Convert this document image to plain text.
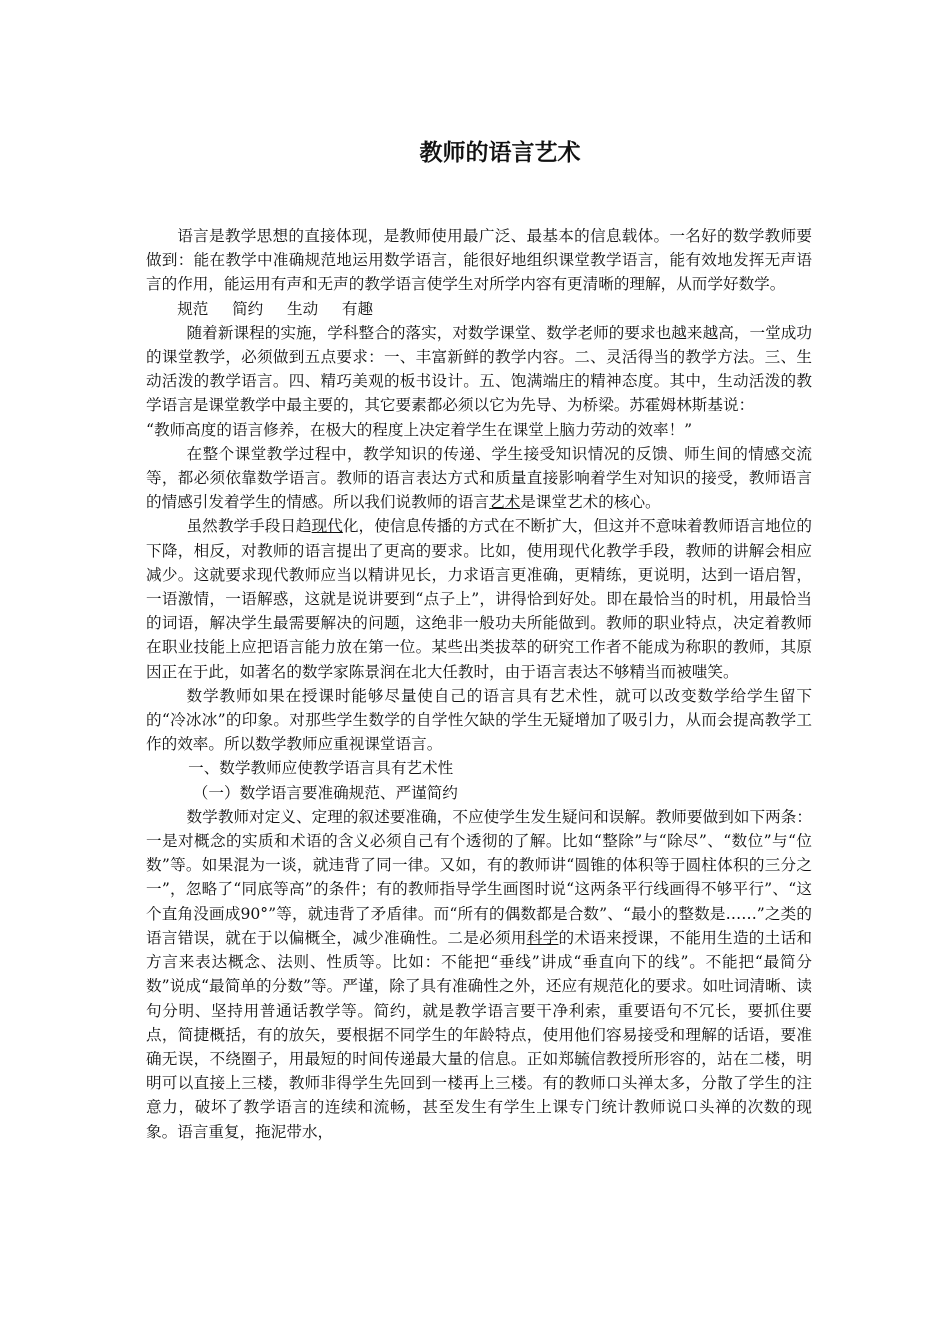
教师的语言艺术

语言是教学思想的直接体现，是教师使用最广泛、最基本的信息载体。一名好的数学教师要做到：能在教学中准确规范地运用数学语言，能很好地组织课堂教学语言，能有效地发挥无声语言的作用，能运用有声和无声的教学语言使学生对所学内容有更清晰的理解，从而学好数学。

规范 简约 生动 有趣

随着新课程的实施，学科整合的落实，对数学课堂、数学老师的要求也越来越高，一堂成功的课堂教学，必须做到五点要求：一、丰富新鲜的教学内容。二、灵活得当的教学方法。三、生动活泼的教学语言。四、精巧美观的板书设计。五、饱满端庄的精神态度。其中，生动活泼的教学语言是课堂教学中最主要的，其它要素都必须以它为先导、为桥梁。苏霍姆林斯基说：

“教师高度的语言修养，在极大的程度上决定着学生在课堂上脑力劳动的效率！”

在整个课堂教学过程中，教学知识的传递、学生接受知识情况的反馈、师生间的情感交流等，都必须依靠数学语言。教师的语言表达方式和质量直接影响着学生对知识的接受，教师语言的情感引发着学生的情感。所以我们说教师的语言艺术是课堂艺术的核心。

虽然教学手段日趋现代化，使信息传播的方式在不断扩大，但这并不意味着教师语言地位的下降，相反，对教师的语言提出了更高的要求。比如，使用现代化教学手段，教师的讲解会相应减少。这就要求现代教师应当以精讲见长，力求语言更准确，更精练，更说明，达到一语启智，一语激情，一语解惑，这就是说讲要到“点子上”，讲得恰到好处。即在最恰当的时机，用最恰当的词语，解决学生最需要解决的问题，这绝非一般功夫所能做到。教师的职业特点，决定着教师在职业技能上应把语言能力放在第一位。某些出类拔萃的研究工作者不能成为称职的教师，其原因正在于此，如著名的数学家陈景润在北大任教时，由于语言表达不够精当而被嗤笑。

数学教师如果在授课时能够尽量使自己的语言具有艺术性，就可以改变数学给学生留下的“冷冰冰”的印象。对那些学生数学的自学性欠缺的学生无疑增加了吸引力，从而会提高教学工作的效率。所以数学教师应重视课堂语言。

一、数学教师应使教学语言具有艺术性

（一）数学语言要准确规范、严谨简约

数学教师对定义、定理的叙述要准确，不应使学生发生疑问和误解。教师要做到如下两条：一是对概念的实质和术语的含义必须自己有个透彻的了解。比如“整除”与“除尽”、“数位”与“位数”等。如果混为一谈，就违背了同一律。又如，有的教师讲“圆锥的体积等于圆柱体积的三分之一”，忽略了“同底等高”的条件；有的教师指导学生画图时说“这两条平行线画得不够平行”、“这个直角没画成90°”等，就违背了矛盾律。而“所有的偶数都是合数”、“最小的整数是……”之类的语言错误，就在于以偏概全，减少准确性。二是必须用科学的术语来授课，不能用生造的土话和方言来表达概念、法则、性质等。比如：不能把“垂线”讲成“垂直向下的线”。不能把“最简分数”说成“最简单的分数”等。严谨，除了具有准确性之外，还应有规范化的要求。如吐词清晰、读句分明、坚持用普通话教学等。简约，就是教学语言要干净利索，重要语句不冗长，要抓住要点，简捷概括，有的放矢，要根据不同学生的年龄特点，使用他们容易接受和理解的话语，要准确无误，不绕圈子，用最短的时间传递最大量的信息。正如郑毓信教授所形容的，站在二楼，明明可以直接上三楼，教师非得学生先回到一楼再上三楼。有的教师口头禅太多，分散了学生的注意力，破坏了教学语言的连续和流畅，甚至发生有学生上课专门统计教师说口头禅的次数的现象。语言重复，拖泥带水，
